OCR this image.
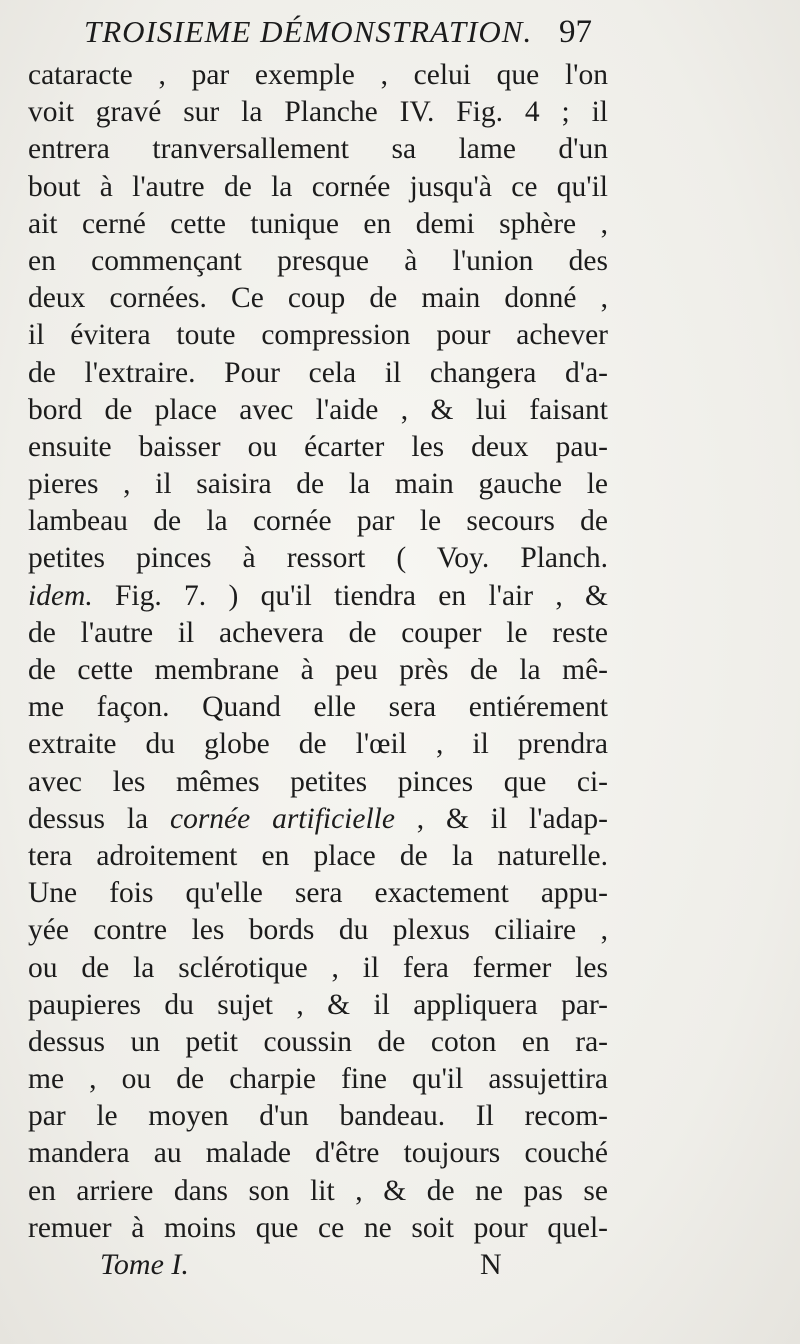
TROISIEME DÉMONSTRATION. 97
cataracte , par exemple , celui que l'on
voit gravé sur la Planche IV. Fig. 4 ; il
entrera tranversallement sa lame d'un
bout à l'autre de la cornée jusqu'à ce qu'il
ait cerné cette tunique en demi sphère ,
en commençant presque à l'union des
deux cornées. Ce coup de main donné ,
il évitera toute compression pour achever
de l'extraire. Pour cela il changera d'a-
bord de place avec l'aide , & lui faisant
ensuite baisser ou écarter les deux pau-
pieres , il saisira de la main gauche le
lambeau de la cornée par le secours de
petites pinces à ressort ( Voy. Planch.
idem. Fig. 7. ) qu'il tiendra en l'air , &
de l'autre il achevera de couper le reste
de cette membrane à peu près de la mê-
me façon. Quand elle sera entiérement
extraite du globe de l'œil , il prendra
avec les mêmes petites pinces que ci-
dessus la cornée artificielle , & il l'adap-
tera adroitement en place de la naturelle.
Une fois qu'elle sera exactement appu-
yée contre les bords du plexus ciliaire ,
ou de la sclérotique , il fera fermer les
paupieres du sujet , & il appliquera par-
dessus un petit coussin de coton en ra-
me , ou de charpie fine qu'il assujettira
par le moyen d'un bandeau. Il recom-
mandera au malade d'être toujours couché
en arriere dans son lit , & de ne pas se
remuer à moins que ce ne soit pour quel-
Tome I.	N
